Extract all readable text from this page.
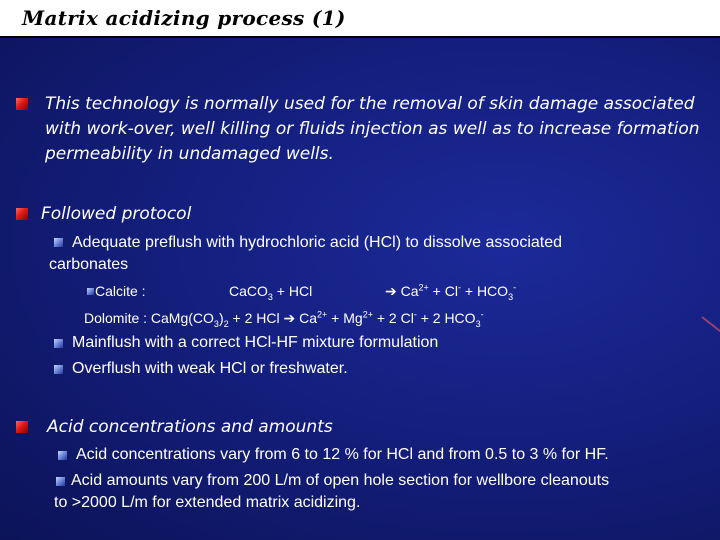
Matrix acidizing process (1)
This technology is normally used for the removal of skin damage associated with work-over, well killing or fluids injection as well as to increase formation permeability in undamaged wells.
Followed protocol
Adequate preflush with hydrochloric acid (HCl) to dissolve associated
carbonates
Calcite :	CaCO$_3$ + HCl	➔ $Ca^{2+} + Cl^- + HCO_3^-$
Dolomite : $CaMg(CO_3)_2 + 2$ HCl ➔ $Ca^{2+} + Mg^{2+} + 2$ Cl- + 2 $HCO_3^-$
Mainflush with a correct HCl-HF mixture formulation
Overflush with weak HCl or freshwater.
Acid concentrations and amounts
Acid concentrations vary from 6 to 12 % for HCl and from 0.5 to 3 % for HF.
Acid amounts vary from 200 L/m of open hole section for wellbore cleanouts
to >2000 L/m for extended matrix acidizing.
